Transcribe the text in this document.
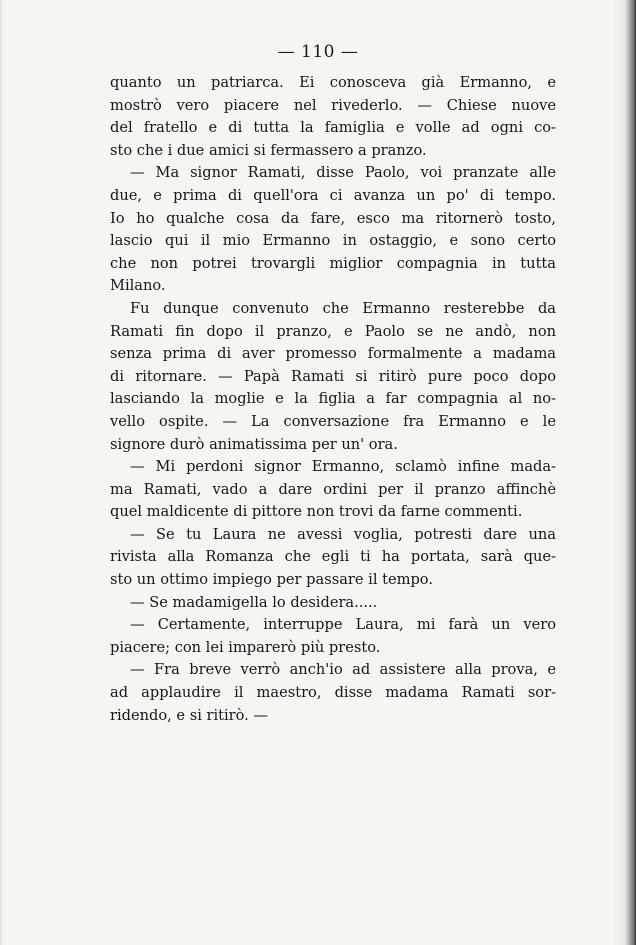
— 110 —
quanto un patriarca. Ei conosceva già Ermanno, e
mostrò vero piacere nel rivederlo. — Chiese nuove
del fratello e di tutta la famiglia e volle ad ogni co-
sto che i due amici si fermassero a pranzo.
— Ma signor Ramati, disse Paolo, voi pranzate alle
due, e prima di quell'ora ci avanza un po' di tempo.
Io ho qualche cosa da fare, esco ma ritornerò tosto,
lascio qui il mio Ermanno in ostaggio, e sono certo
che non potrei trovargli miglior compagnia in tutta
Milano.
Fu dunque convenuto che Ermanno resterebbe da
Ramati fin dopo il pranzo, e Paolo se ne andò, non
senza prima di aver promesso formalmente a madama
di ritornare. — Papà Ramati si ritirò pure poco dopo
lasciando la moglie e la figlia a far compagnia al no-
vello ospite. — La conversazione fra Ermanno e le
signore durò animatissima per un' ora.
— Mi perdoni signor Ermanno, sclamò infine mada-
ma Ramati, vado a dare ordini per il pranzo affinchè
quel maldicente di pittore non trovi da farne commenti.
— Se tu Laura ne avessi voglia, potresti dare una
rivista alla Romanza che egli ti ha portata, sarà que-
sto un ottimo impiego per passare il tempo.
— Se madamigella lo desidera.....
— Certamente, interruppe Laura, mi farà un vero
piacere; con lei imparerò più presto.
— Fra breve verrò anch'io ad assistere alla prova, e
ad applaudire il maestro, disse madama Ramati sor-
ridendo, e si ritirò. —
